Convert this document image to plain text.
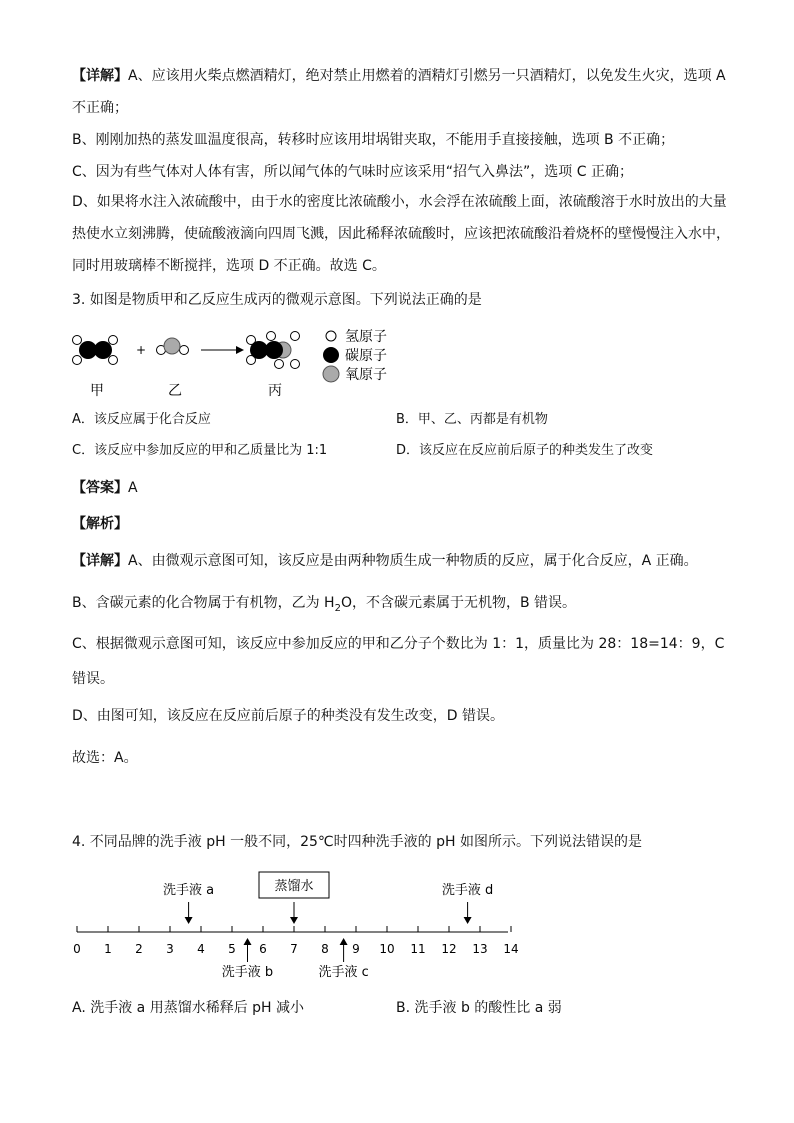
【详解】A、应该用火柴点燃酒精灯，绝对禁止用燃着的酒精灯引燃另一只酒精灯，以免发生火灾，选项 A
不正确；
B、刚刚加热的蒸发皿温度很高，转移时应该用坩埚钳夹取，不能用手直接接触，选项 B 不正确；
C、因为有些气体对人体有害，所以闻气体的气味时应该采用“招气入鼻法”，选项 C 正确；
D、如果将水注入浓硫酸中，由于水的密度比浓硫酸小，水会浮在浓硫酸上面，浓硫酸溶于水时放出的大量
热使水立刻沸腾，使硫酸液滴向四周飞溅，因此稀释浓硫酸时，应该把浓硫酸沿着烧杯的壁慢慢注入水中，
同时用玻璃棒不断搅拌，选项 D 不正确。故选 C。
3. 如图是物质甲和乙反应生成丙的微观示意图。下列说法正确的是
+
甲	乙	丙
氢原子
碳原子
氧原子
A．该反应属于化合反应	B．甲、乙、丙都是有机物
C．该反应中参加反应的甲和乙质量比为 1:1	D．该反应在反应前后原子的种类发生了改变
【答案】A
【解析】
【详解】A、由微观示意图可知，该反应是由两种物质生成一种物质的反应，属于化合反应，A 正确。
B、含碳元素的化合物属于有机物，乙为 $H_2O$，不含碳元素属于无机物，B 错误。
C、根据微观示意图可知，该反应中参加反应的甲和乙分子个数比为 1：1，质量比为 28：18=14：9，C
错误。
D、由图可知，该反应在反应前后原子的种类没有发生改变，D 错误。
故选：A。
4. 不同品牌的洗手液 pH 一般不同，25℃时四种洗手液的 pH 如图所示。下列说法错误的是
0 1 2 3 4 5 6 7 8 9 10 11 12 13 14
洗手液 a	蒸馏水	洗手液 d
洗手液 b	洗手液 c
A. 洗手液 a 用蒸馏水稀释后 pH 减小	B. 洗手液 b 的酸性比 a 弱
